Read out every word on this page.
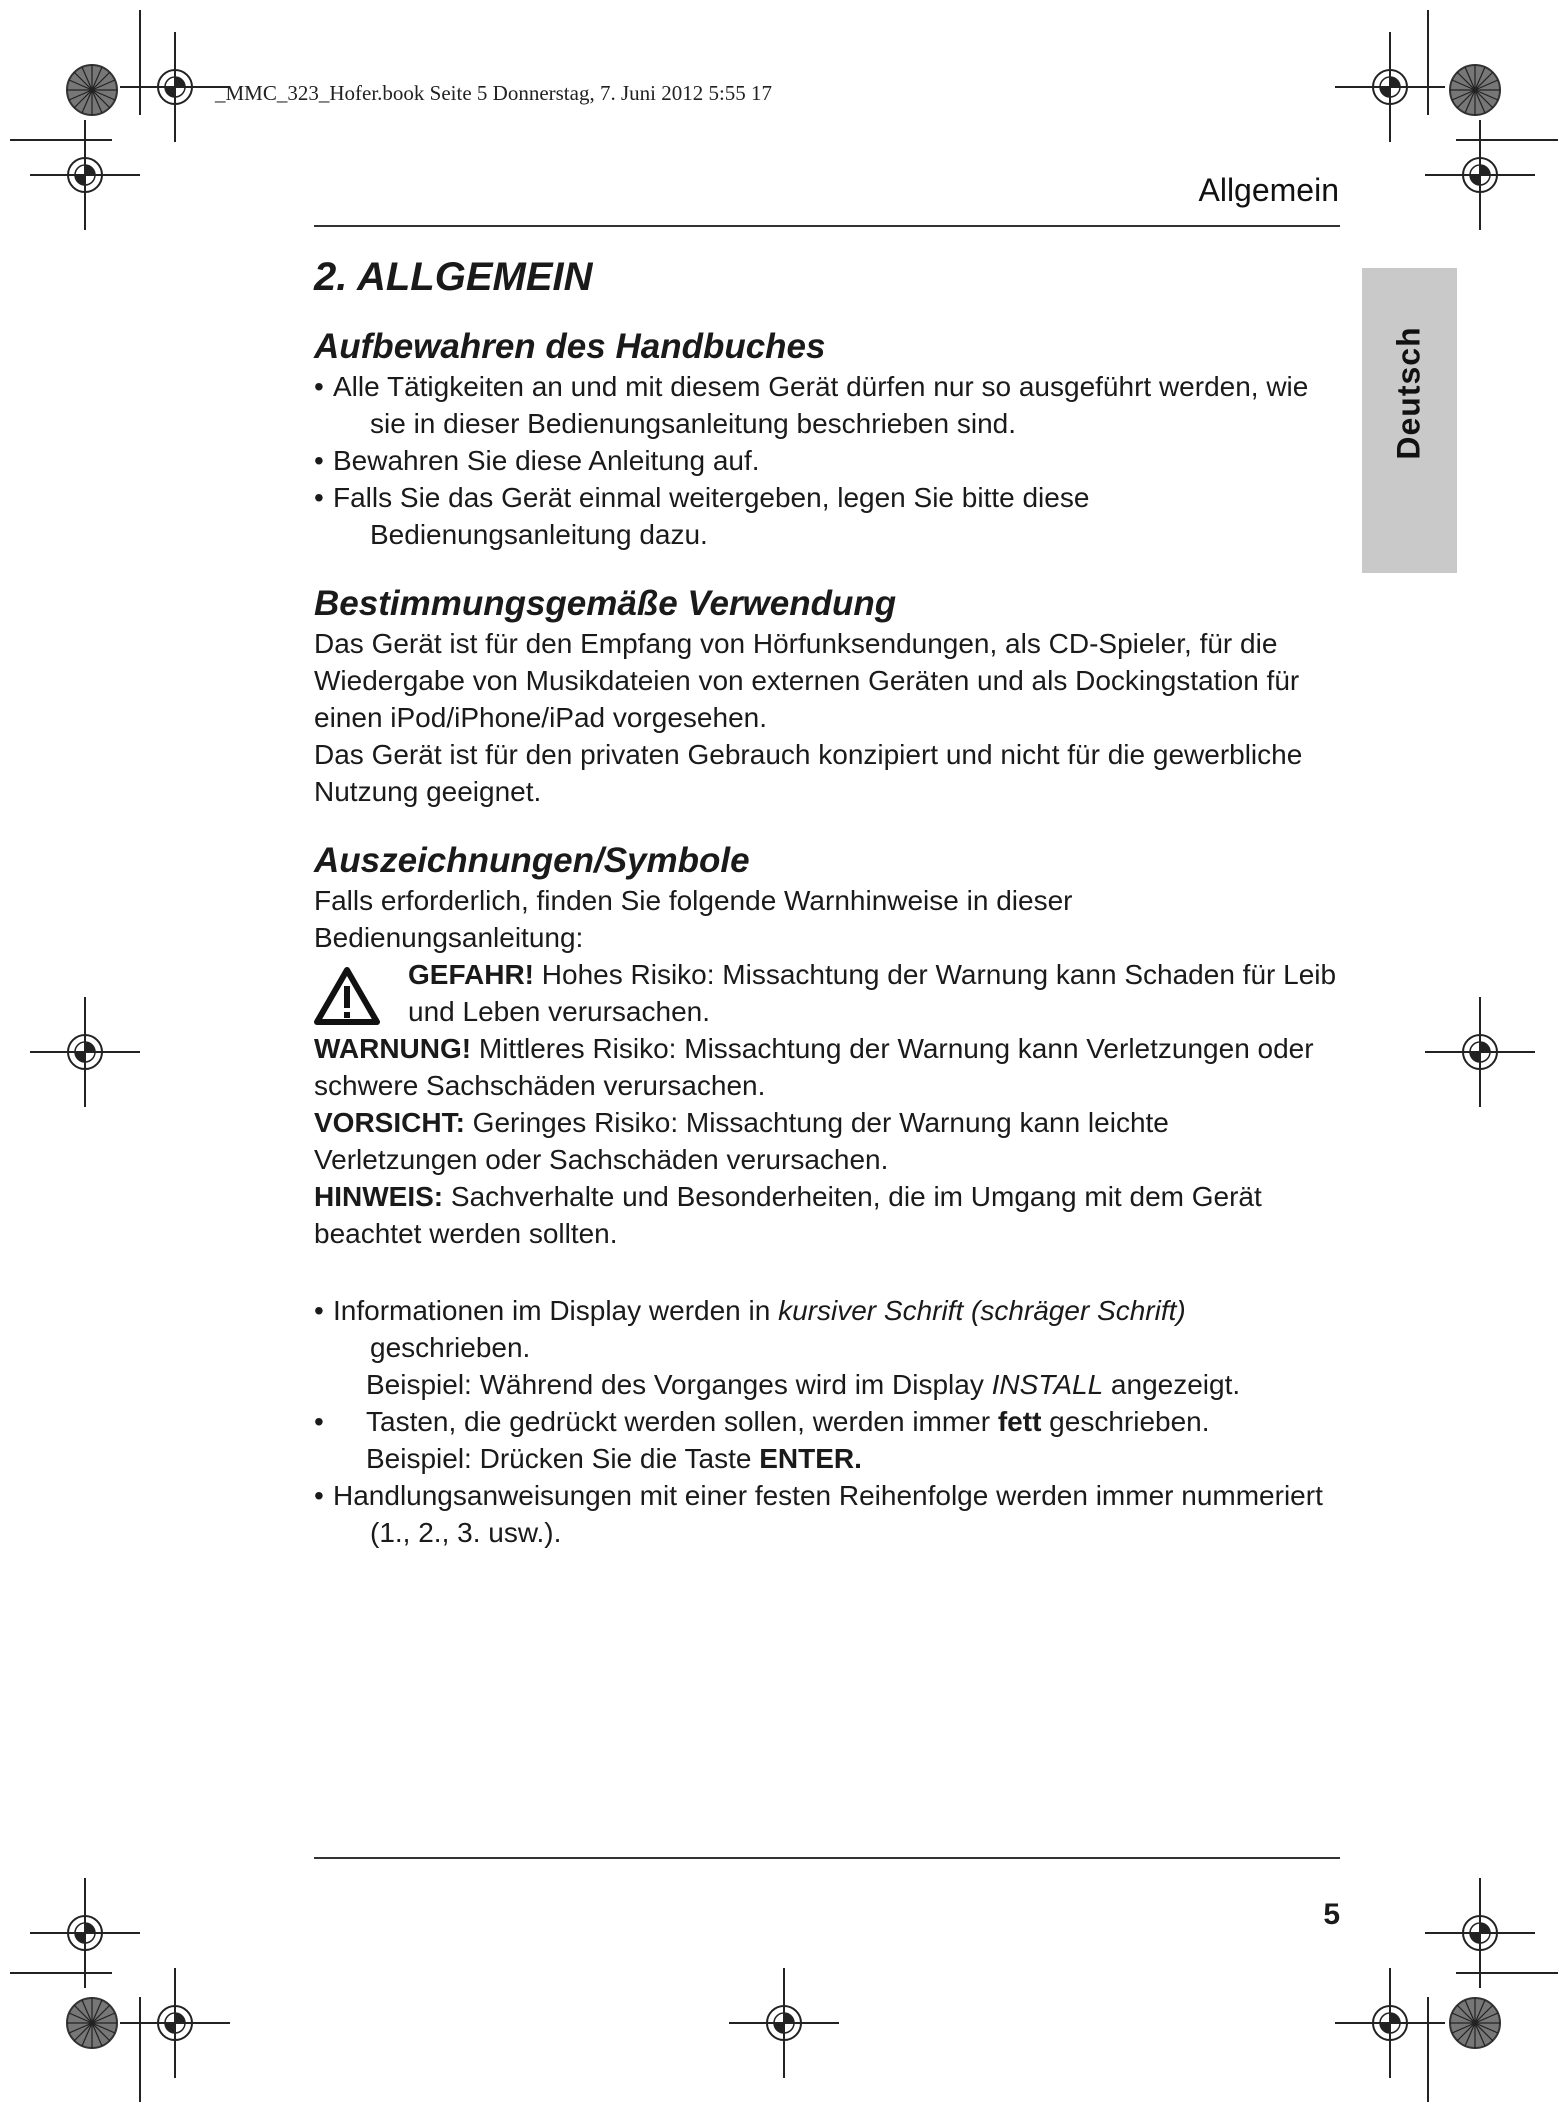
_MMC_323_Hofer.book Seite 5 Donnerstag, 7. Juni 2012 5:55 17
Allgemein
Deutsch
2. ALLGEMEIN
Aufbewahren des Handbuches

• Alle Tätigkeiten an und mit diesem Gerät dürfen nur so ausgeführt werden, wie sie in dieser Bedienungsanleitung beschrieben sind.

• Bewahren Sie diese Anleitung auf.

• Falls Sie das Gerät einmal weitergeben, legen Sie bitte diese Bedienungsanleitung dazu.

Bestimmungsgemäße Verwendung

Das Gerät ist für den Empfang von Hörfunksendungen, als CD-Spieler, für die Wiedergabe von Musikdateien von externen Geräten und als Dockingstation für einen iPod/iPhone/iPad vorgesehen.

Das Gerät ist für den privaten Gebrauch konzipiert und nicht für die gewerbliche Nutzung geeignet.

Auszeichnungen/Symbole

Falls erforderlich, finden Sie folgende Warnhinweise in dieser Bedienungsanleitung:

GEFAHR! Hohes Risiko: Missachtung der Warnung kann Schaden für Leib und Leben verursachen.

WARNUNG! Mittleres Risiko: Missachtung der Warnung kann Verletzungen oder schwere Sachschäden verursachen.

VORSICHT: Geringes Risiko: Missachtung der Warnung kann leichte Verletzungen oder Sachschäden verursachen.

HINWEIS: Sachverhalte und Besonderheiten, die im Umgang mit dem Gerät beachtet werden sollten.

• Informationen im Display werden in kursiver Schrift (schräger Schrift) geschrieben.

Beispiel: Während des Vorganges wird im Display INSTALL angezeigt.

• Tasten, die gedrückt werden sollen, werden immer fett geschrieben.

Beispiel: Drücken Sie die Taste ENTER.

• Handlungsanweisungen mit einer festen Reihenfolge werden immer nummeriert (1., 2., 3. usw.).

5
